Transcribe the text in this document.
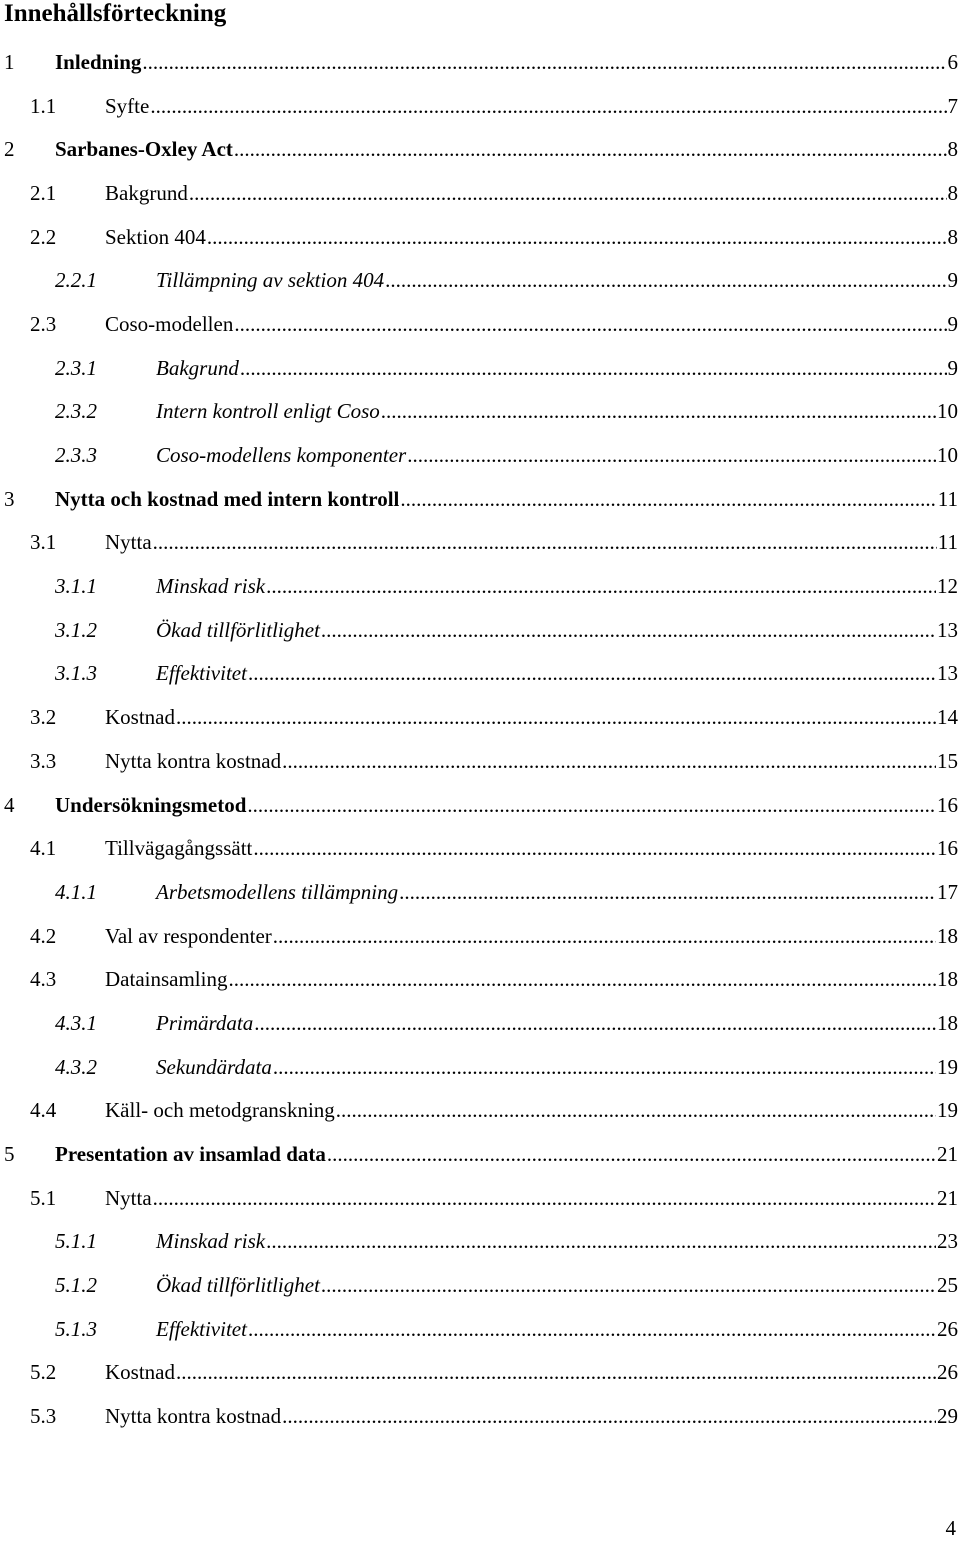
Innehållsförteckning
1 Inledning .....	6
1.1 Syfte .....	7
2 Sarbanes-Oxley Act .....	8
2.1 Bakgrund .....	8
2.2 Sektion 404 .....	8
2.2.1	Tillämpning av sektion 404 .....	9
2.3 Coso-modellen .....	9
2.3.1	Bakgrund .....	9
2.3.2	Intern kontroll enligt Coso .....	10
2.3.3	Coso-modellens komponenter .....	10
3 Nytta och kostnad med intern kontroll .....	11
3.1 Nytta .....	11
3.1.1	Minskad risk .....	12
3.1.2	Ökad tillförlitlighet .....	13
3.1.3	Effektivitet .....	13
3.2 Kostnad .....	14
3.3 Nytta kontra kostnad .....	15
4 Undersökningsmetod .....	16
4.1 Tillvägagångssätt .....	16
4.1.1	Arbetsmodellens tillämpning .....	17
4.2 Val av respondenter .....	18
4.3 Datainsamling .....	18
4.3.1	Primärdata .....	18
4.3.2	Sekundärdata .....	19
4.4 Käll- och metodgranskning .....	19
5 Presentation av insamlad data .....	21
5.1 Nytta .....	21
5.1.1	Minskad risk .....	23
5.1.2	Ökad tillförlitlighet .....	25
5.1.3	Effektivitet .....	26
5.2 Kostnad .....	26
5.3 Nytta kontra kostnad .....	29
4
